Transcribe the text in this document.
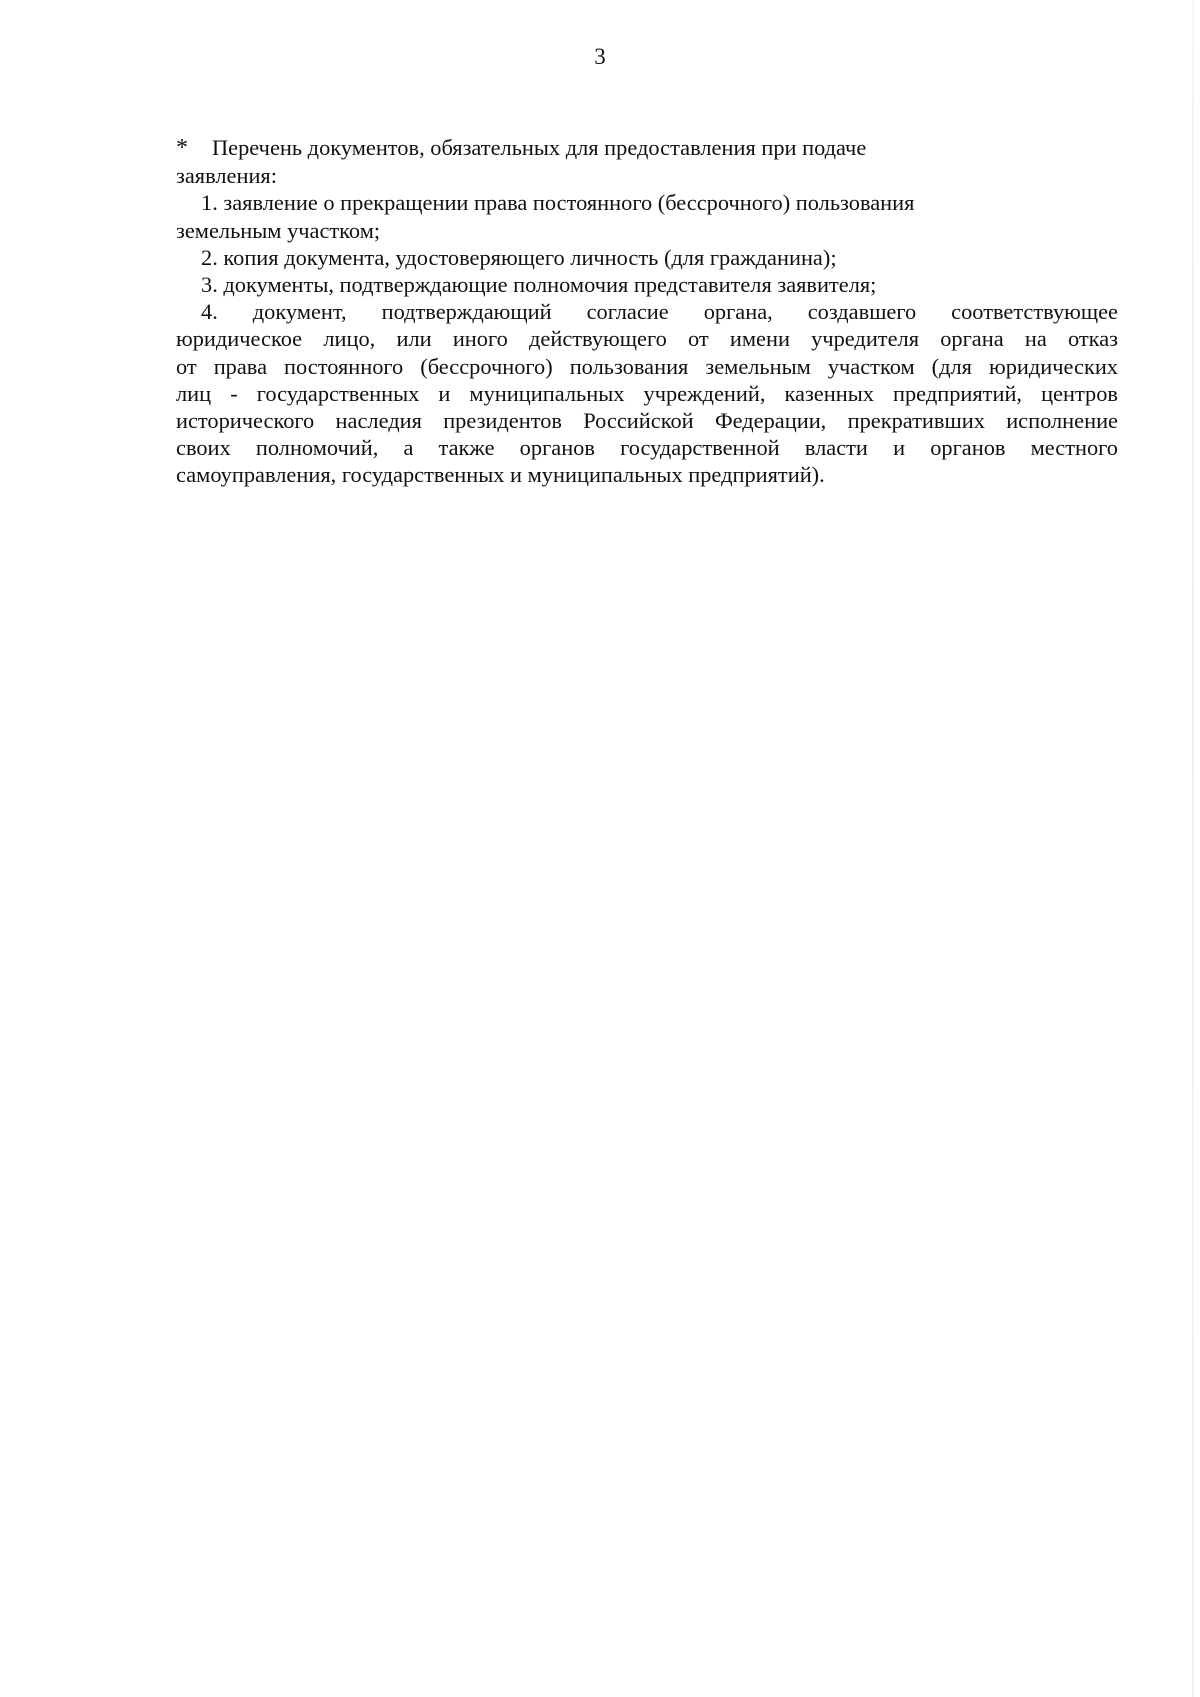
3

* Перечень документов, обязательных для предоставления при подаче
заявления:

1. заявление о прекращении права постоянного (бессрочного) пользования
земельным участком;

2. копия документа, удостоверяющего личность (для гражданина);

3. документы, подтверждающие полномочия представителя заявителя;

4. документ, подтверждающий согласие органа, создавшего соответствующее
юридическое лицо, или иного действующего от имени учредителя органа на отказ
от права постоянного (бессрочного) пользования земельным участком (для юридических
лиц - государственных и муниципальных учреждений, казенных предприятий, центров
исторического наследия президентов Российской Федерации, прекративших исполнение
своих полномочий, а также органов государственной власти и органов местного
самоуправления, государственных и муниципальных предприятий).
